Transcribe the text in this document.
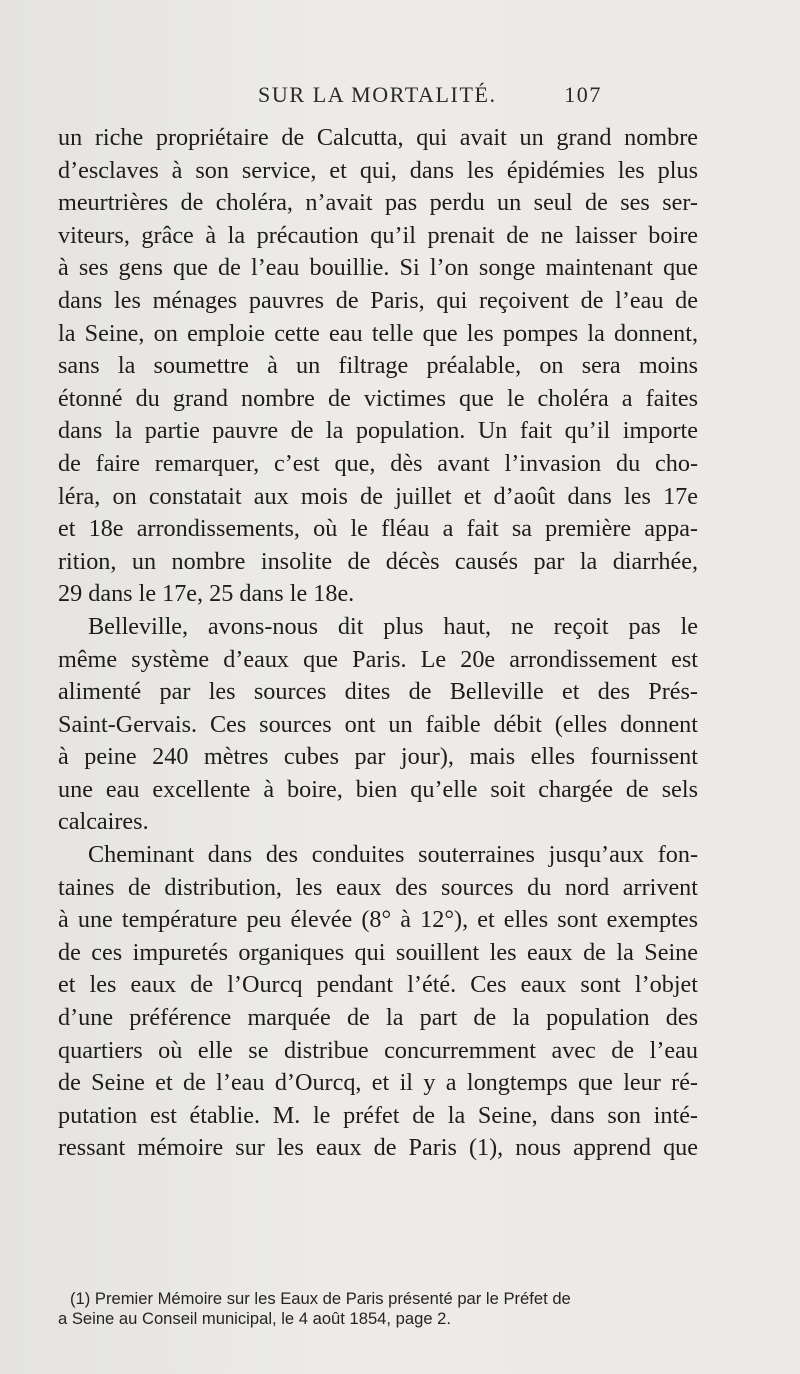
SUR LA MORTALITÉ.	107
un riche propriétaire de Calcutta, qui avait un grand nombre
d’esclaves à son service, et qui, dans les épidémies les plus
meurtrières de choléra, n’avait pas perdu un seul de ses ser-
viteurs, grâce à la précaution qu’il prenait de ne laisser boire
à ses gens que de l’eau bouillie. Si l’on songe maintenant que
dans les ménages pauvres de Paris, qui reçoivent de l’eau de
la Seine, on emploie cette eau telle que les pompes la donnent,
sans la soumettre à un filtrage préalable, on sera moins
étonné du grand nombre de victimes que le choléra a faites
dans la partie pauvre de la population. Un fait qu’il importe
de faire remarquer, c’est que, dès avant l’invasion du cho-
léra, on constatait aux mois de juillet et d’août dans les 17e
et 18e arrondissements, où le fléau a fait sa première appa-
rition, un nombre insolite de décès causés par la diarrhée,
29 dans le 17e, 25 dans le 18e.
Belleville, avons-nous dit plus haut, ne reçoit pas le
même système d’eaux que Paris. Le 20e arrondissement est
alimenté par les sources dites de Belleville et des Prés-
Saint-Gervais. Ces sources ont un faible débit (elles donnent
à peine 240 mètres cubes par jour), mais elles fournissent
une eau excellente à boire, bien qu’elle soit chargée de sels
calcaires.
Cheminant dans des conduites souterraines jusqu’aux fon-
taines de distribution, les eaux des sources du nord arrivent
à une température peu élevée (8° à 12°), et elles sont exemptes
de ces impuretés organiques qui souillent les eaux de la Seine
et les eaux de l’Ourcq pendant l’été. Ces eaux sont l’objet
d’une préférence marquée de la part de la population des
quartiers où elle se distribue concurremment avec de l’eau
de Seine et de l’eau d’Ourcq, et il y a longtemps que leur ré-
putation est établie. M. le préfet de la Seine, dans son inté-
ressant mémoire sur les eaux de Paris (1), nous apprend que
(1) Premier Mémoire sur les Eaux de Paris présenté par le Préfet de
a Seine au Conseil municipal, le 4 août 1854, page 2.
